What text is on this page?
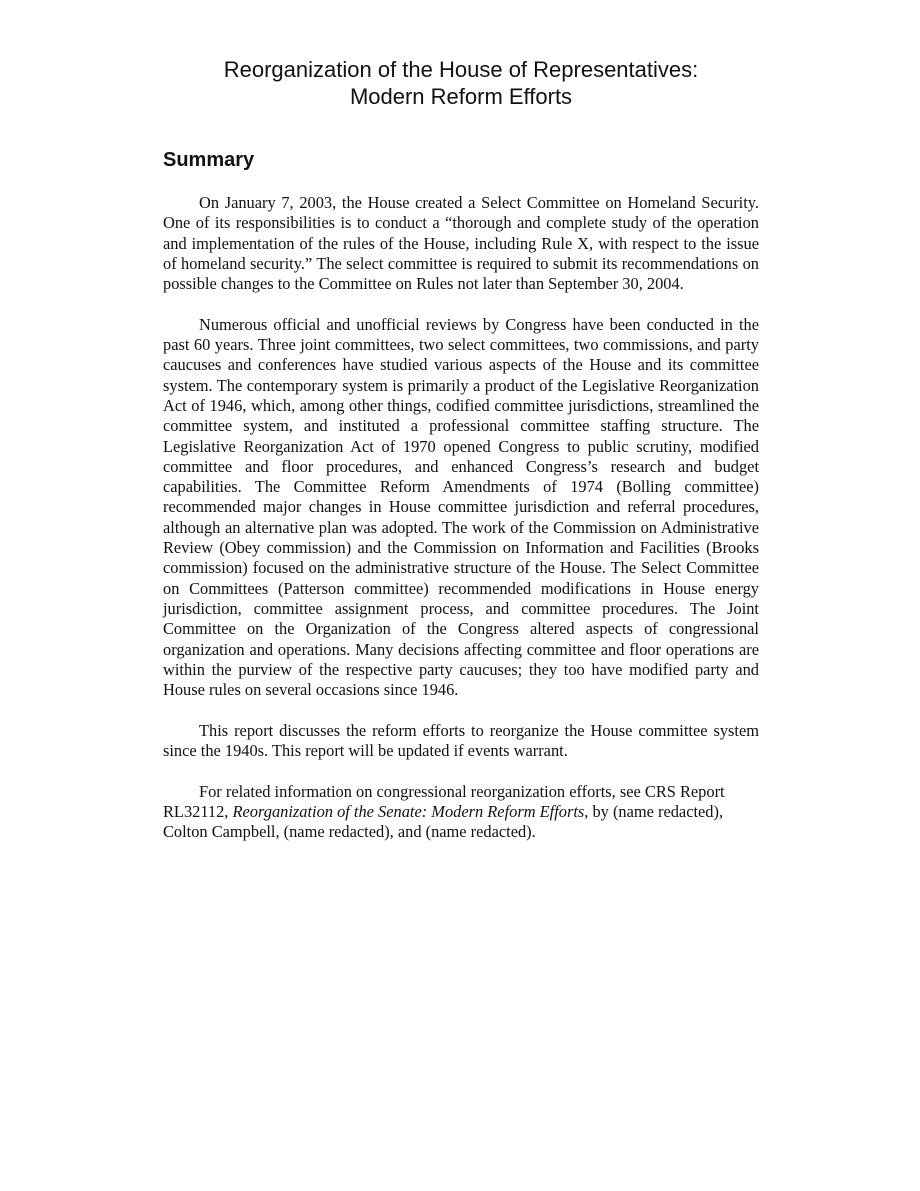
Reorganization of the House of Representatives:
Modern Reform Efforts
Summary

On January 7, 2003, the House created a Select Committee on Homeland Security. One of its responsibilities is to conduct a “thorough and complete study of the operation and implementation of the rules of the House, including Rule X, with respect to the issue of homeland security.” The select committee is required to submit its recommendations on possible changes to the Committee on Rules not later than September 30, 2004.

Numerous official and unofficial reviews by Congress have been conducted in the past 60 years. Three joint committees, two select committees, two commissions, and party caucuses and conferences have studied various aspects of the House and its committee system. The contemporary system is primarily a product of the Legislative Reorganization Act of 1946, which, among other things, codified committee jurisdictions, streamlined the committee system, and instituted a professional committee staffing structure. The Legislative Reorganization Act of 1970 opened Congress to public scrutiny, modified committee and floor procedures, and enhanced Congress’s research and budget capabilities. The Committee Reform Amendments of 1974 (Bolling committee) recommended major changes in House committee jurisdiction and referral procedures, although an alternative plan was adopted. The work of the Commission on Administrative Review (Obey commission) and the Commission on Information and Facilities (Brooks commission) focused on the administrative structure of the House. The Select Committee on Committees (Patterson committee) recommended modifications in House energy jurisdiction, committee assignment process, and committee procedures. The Joint Committee on the Organization of the Congress altered aspects of congressional organization and operations. Many decisions affecting committee and floor operations are within the purview of the respective party caucuses; they too have modified party and House rules on several occasions since 1946.

This report discusses the reform efforts to reorganize the House committee system since the 1940s. This report will be updated if events warrant.

For related information on congressional reorganization efforts, see CRS Report RL32112, Reorganization of the Senate: Modern Reform Efforts, by (name redacted), Colton Campbell, (name redacted), and (name redacted).
